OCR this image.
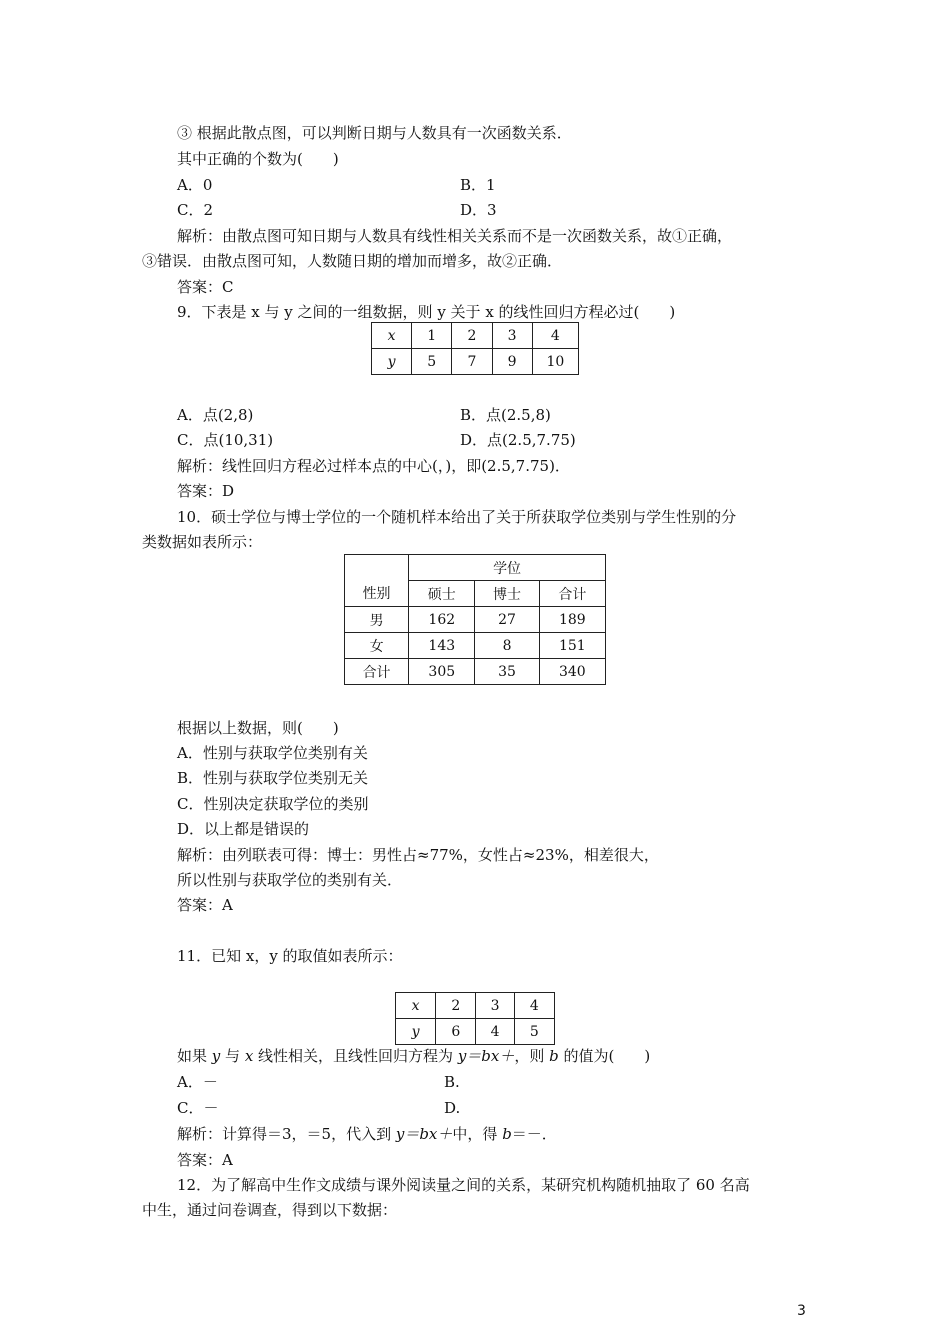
③ 根据此散点图，可以判断日期与人数具有一次函数关系．
其中正确的个数为(　　)
A．0	B．1
C．2	D．3
解析：由散点图可知日期与人数具有线性相关关系而不是一次函数关系，故①正确，
③错误．由散点图可知，人数随日期的增加而增多，故②正确．
答案：C
9．下表是 x 与 y 之间的一组数据，则 y 关于 x 的线性回归方程必过(　　)
x	1	2	3	4
y	5	7	9	10
A．点(2,8)	B．点(2.5,8)
C．点(10,31)	D．点(2.5,7.75)
解析：线性回归方程必过样本点的中心(，)，即(2.5,7.75)．
答案：D
10．硕士学位与博士学位的一个随机样本给出了关于所获取学位类别与学生性别的分
类数据如表所示：
	学位		
性别	硕士	博士	合计
男	162	27	189
女	143	8	151
合计	305	35	340
根据以上数据，则(　　)
A．性别与获取学位类别有关
B．性别与获取学位类别无关
C．性别决定获取学位的类别
D．以上都是错误的
解析：由列联表可得：博士：男性占≈77%，女性占≈23%，相差很大，
所以性别与获取学位的类别有关．
答案：A
11．已知 x，y 的取值如表所示：
x	2	3	4
y	6	4	5
如果 y 与 x 线性相关，且线性回归方程为 y＝bx＋，则 b 的值为(　　)
A．－	B.
C．－	D.
解析：计算得＝3，＝5，代入到 y＝bx＋中，得 b＝－．
答案：A
12．为了解高中生作文成绩与课外阅读量之间的关系，某研究机构随机抽取了 60 名高
中生，通过问卷调查，得到以下数据：
3
